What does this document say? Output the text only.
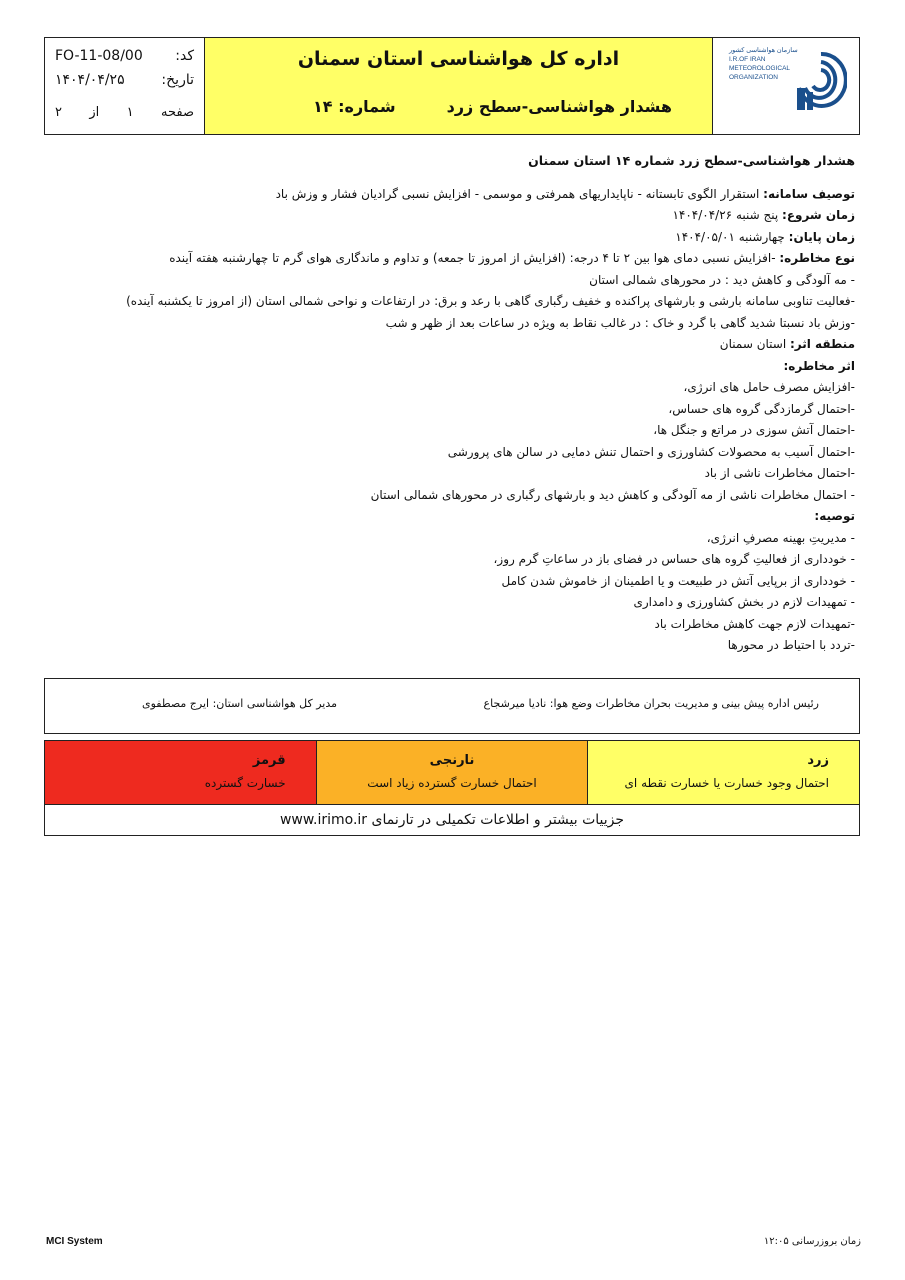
FO-11-08/00 کد:
۱۴۰۴/۰۴/۲۵	تاریخ:
صفحه
۱
از
۲
اداره کل هواشناسی استان سمنان
هشدار هواشناسی-سطح زرد
شماره: ۱۴
سازمان هواشناسی کشور
I.R.OF IRAN
METEOROLOGICAL
ORGANIZATION
هشدار هواشناسی-سطح زرد شماره ۱۴ استان سمنان
توصیف سامانه: استقرار الگوی تابستانه - ناپایداریهای همرفتی و موسمی - افزایش نسبی گرادیان فشار و وزش باد
زمان شروع: پنج شنبه ۱۴۰۴/۰۴/۲۶
زمان پایان: چهارشنبه ۱۴۰۴/۰۵/۰۱
نوع مخاطره: -افزایش نسبی دمای هوا بین ۲ تا ۴ درجه: (افزایش از امروز تا جمعه) و تداوم و ماندگاری هوای گرم تا چهارشنبه هفته آینده
- مه آلودگی و کاهش دید : در محورهای شمالی استان
-فعالیت تناوبی سامانه بارشی و بارشهای پراکنده و خفیف رگباری گاهی با رعد و برق: در ارتفاعات و نواحی شمالی استان (از امروز تا یکشنبه آینده)
-وزش باد نسبتا شدید گاهی با گرد و خاک : در غالب نقاط به ویژه در ساعات بعد از ظهر و شب
منطقه اثر: استان سمنان
اثر مخاطره:
-افزایش مصرف حامل های انرژی،
-احتمال گرمازدگی گروه های حساس،
-احتمال آتش سوزی در مراتع و جنگل ها،
-احتمال آسیب به محصولات کشاورزی و احتمال تنش دمایی در سالن های پرورشی
-احتمال مخاطرات ناشی از باد
- احتمال مخاطرات ناشی از مه آلودگی و کاهش دید و بارشهای رگباری در محورهای شمالی استان
توصیه:
- مدیریتِ بهینه مصرفِ انرژی،
- خودداری از فعالیتِ گروه های حساس در فضای باز در ساعاتِ گرم روز،
- خودداری از برپایی آتش در طبیعت و یا اطمینان از خاموش شدن کامل
- تمهیدات لازم در بخش کشاورزی و دامداری
-تمهیدات لازم جهت کاهش مخاطرات باد
-تردد با احتیاط در محورها
رئیس اداره پیش بینی و مدیریت بحران مخاطرات وضع هوا: نادیا میرشجاع
مدیر کل هواشناسی استان: ایرج مصطفوی
قرمز
خسارت گسترده
نارنجی
احتمال خسارت گسترده زیاد است
زرد
احتمال وجود خسارت یا خسارت نقطه ای
جزییات بیشتر و اطلاعات تکمیلی در تارنمای www.irimo.ir
MCI System	زمان بروزرسانی ۱۲:۰۵
